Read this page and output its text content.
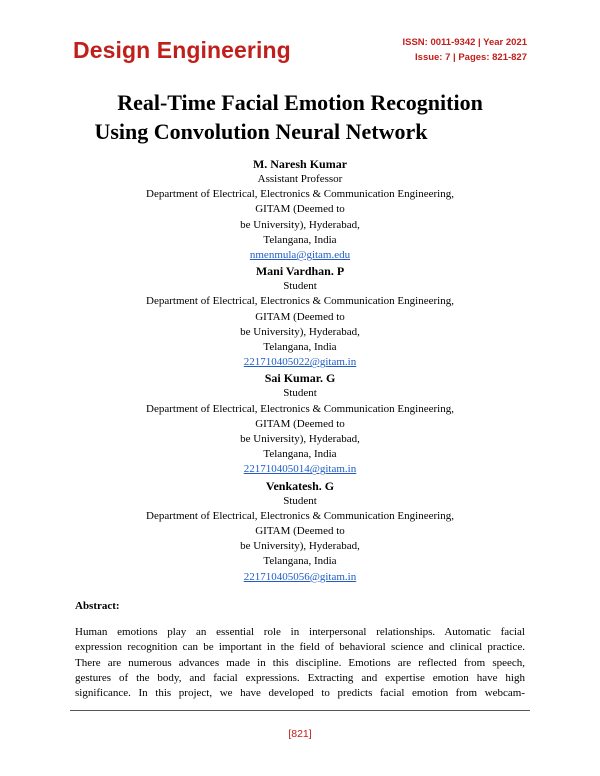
Design Engineering	ISSN: 0011-9342 | Year 2021
Issue: 7 | Pages: 821-827
Real-Time Facial Emotion Recognition
Using Convolution Neural Network
M. Naresh Kumar
Assistant Professor
Department of Electrical, Electronics & Communication Engineering,
GITAM (Deemed to
be University), Hyderabad,
Telangana, India
nmenmula@gitam.edu
Mani Vardhan. P
Student
Department of Electrical, Electronics & Communication Engineering,
GITAM (Deemed to
be University), Hyderabad,
Telangana, India
221710405022@gitam.in
Sai Kumar. G
Student
Department of Electrical, Electronics & Communication Engineering,
GITAM (Deemed to
be University), Hyderabad,
Telangana, India
221710405014@gitam.in
Venkatesh. G
Student
Department of Electrical, Electronics & Communication Engineering,
GITAM (Deemed to
be University), Hyderabad,
Telangana, India
221710405056@gitam.in
Abstract:
Human emotions play an essential role in interpersonal relationships. Automatic facial
expression recognition can be important in the field of behavioral science and clinical practice.
There are numerous advances made in this discipline. Emotions are reflected from speech,
gestures of the body, and facial expressions. Extracting and expertise emotion have high
significance. In this project, we have developed to predicts facial emotion from webcam-
[821]
